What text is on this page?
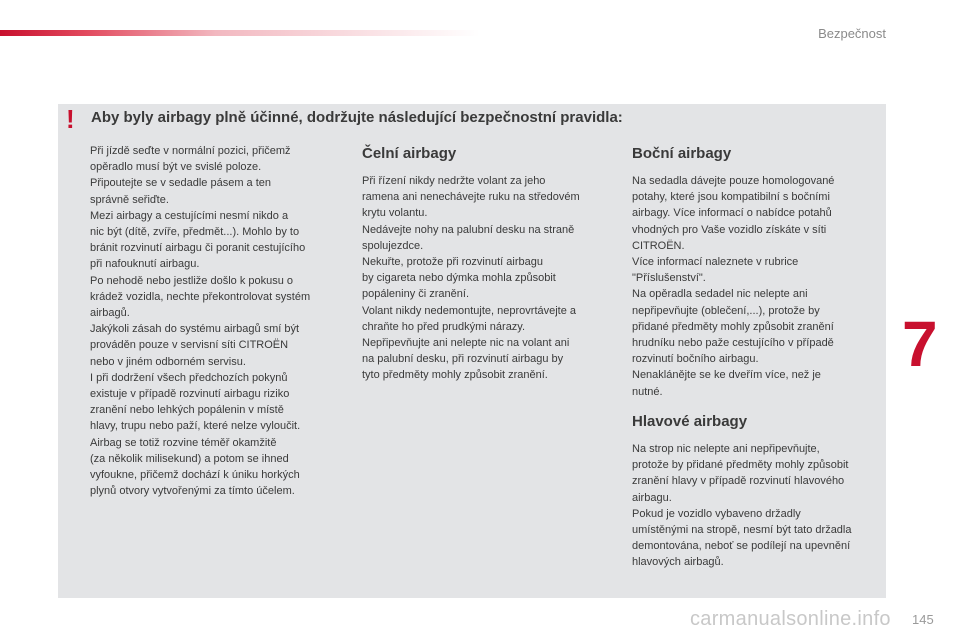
Bezpečnost
!	Aby byly airbagy plně účinné, dodržujte následující bezpečnostní pravidla:

Při jízdě seďte v normální pozici, přičemž

opěradlo musí být ve svislé poloze.

Připoutejte se v sedadle pásem a ten

správně seřiďte.

Mezi airbagy a cestujícími nesmí nikdo a

nic být (dítě, zvíře, předmět...). Mohlo by to

bránit rozvinutí airbagu či poranit cestujícího

při nafouknutí airbagu.

Po nehodě nebo jestliže došlo k pokusu o

krádež vozidla, nechte překontrolovat systém

airbagů.

Jakýkoli zásah do systému airbagů smí být

prováděn pouze v servisní síti CITROËN

nebo v jiném odborném servisu.

I při dodržení všech předchozích pokynů

existuje v případě rozvinutí airbagu riziko

zranění nebo lehkých popálenin v místě

hlavy, trupu nebo paží, které nelze vyloučit.

Airbag se totiž rozvine téměř okamžitě

(za několik milisekund) a potom se ihned

vyfoukne, přičemž dochází k úniku horkých

plynů otvory vytvořenými za tímto účelem.

Čelní airbagy

Při řízení nikdy nedržte volant za jeho

ramena ani nenechávejte ruku na středovém

krytu volantu.

Nedávejte nohy na palubní desku na straně

spolujezdce.

Nekuřte, protože při rozvinutí airbagu

by cigareta nebo dýmka mohla způsobit

popáleniny či zranění.

Volant nikdy nedemontujte, neprovrtávejte a

chraňte ho před prudkými nárazy.

Nepřipevňujte ani nelepte nic na volant ani

na palubní desku, při rozvinutí airbagu by

tyto předměty mohly způsobit zranění.

Boční airbagy

Na sedadla dávejte pouze homologované

potahy, které jsou kompatibilní s bočními

airbagy. Více informací o nabídce potahů

vhodných pro Vaše vozidlo získáte v síti

CITROËN.

Více informací naleznete v rubrice

"Příslušenství".

Na opěradla sedadel nic nelepte ani

nepřipevňujte (oblečení,...), protože by

přidané předměty mohly způsobit zranění

hrudníku nebo paže cestujícího v případě

rozvinutí bočního airbagu.

Nenaklánějte se ke dveřím více, než je

nutné.

Hlavové airbagy

Na strop nic nelepte ani nepřipevňujte,

protože by přidané předměty mohly způsobit

zranění hlavy v případě rozvinutí hlavového

airbagu.

Pokud je vozidlo vybaveno držadly

umístěnými na stropě, nesmí být tato držadla

demontována, neboť se podílejí na upevnění

hlavových airbagů.

7
carmanualsonline.info 145
